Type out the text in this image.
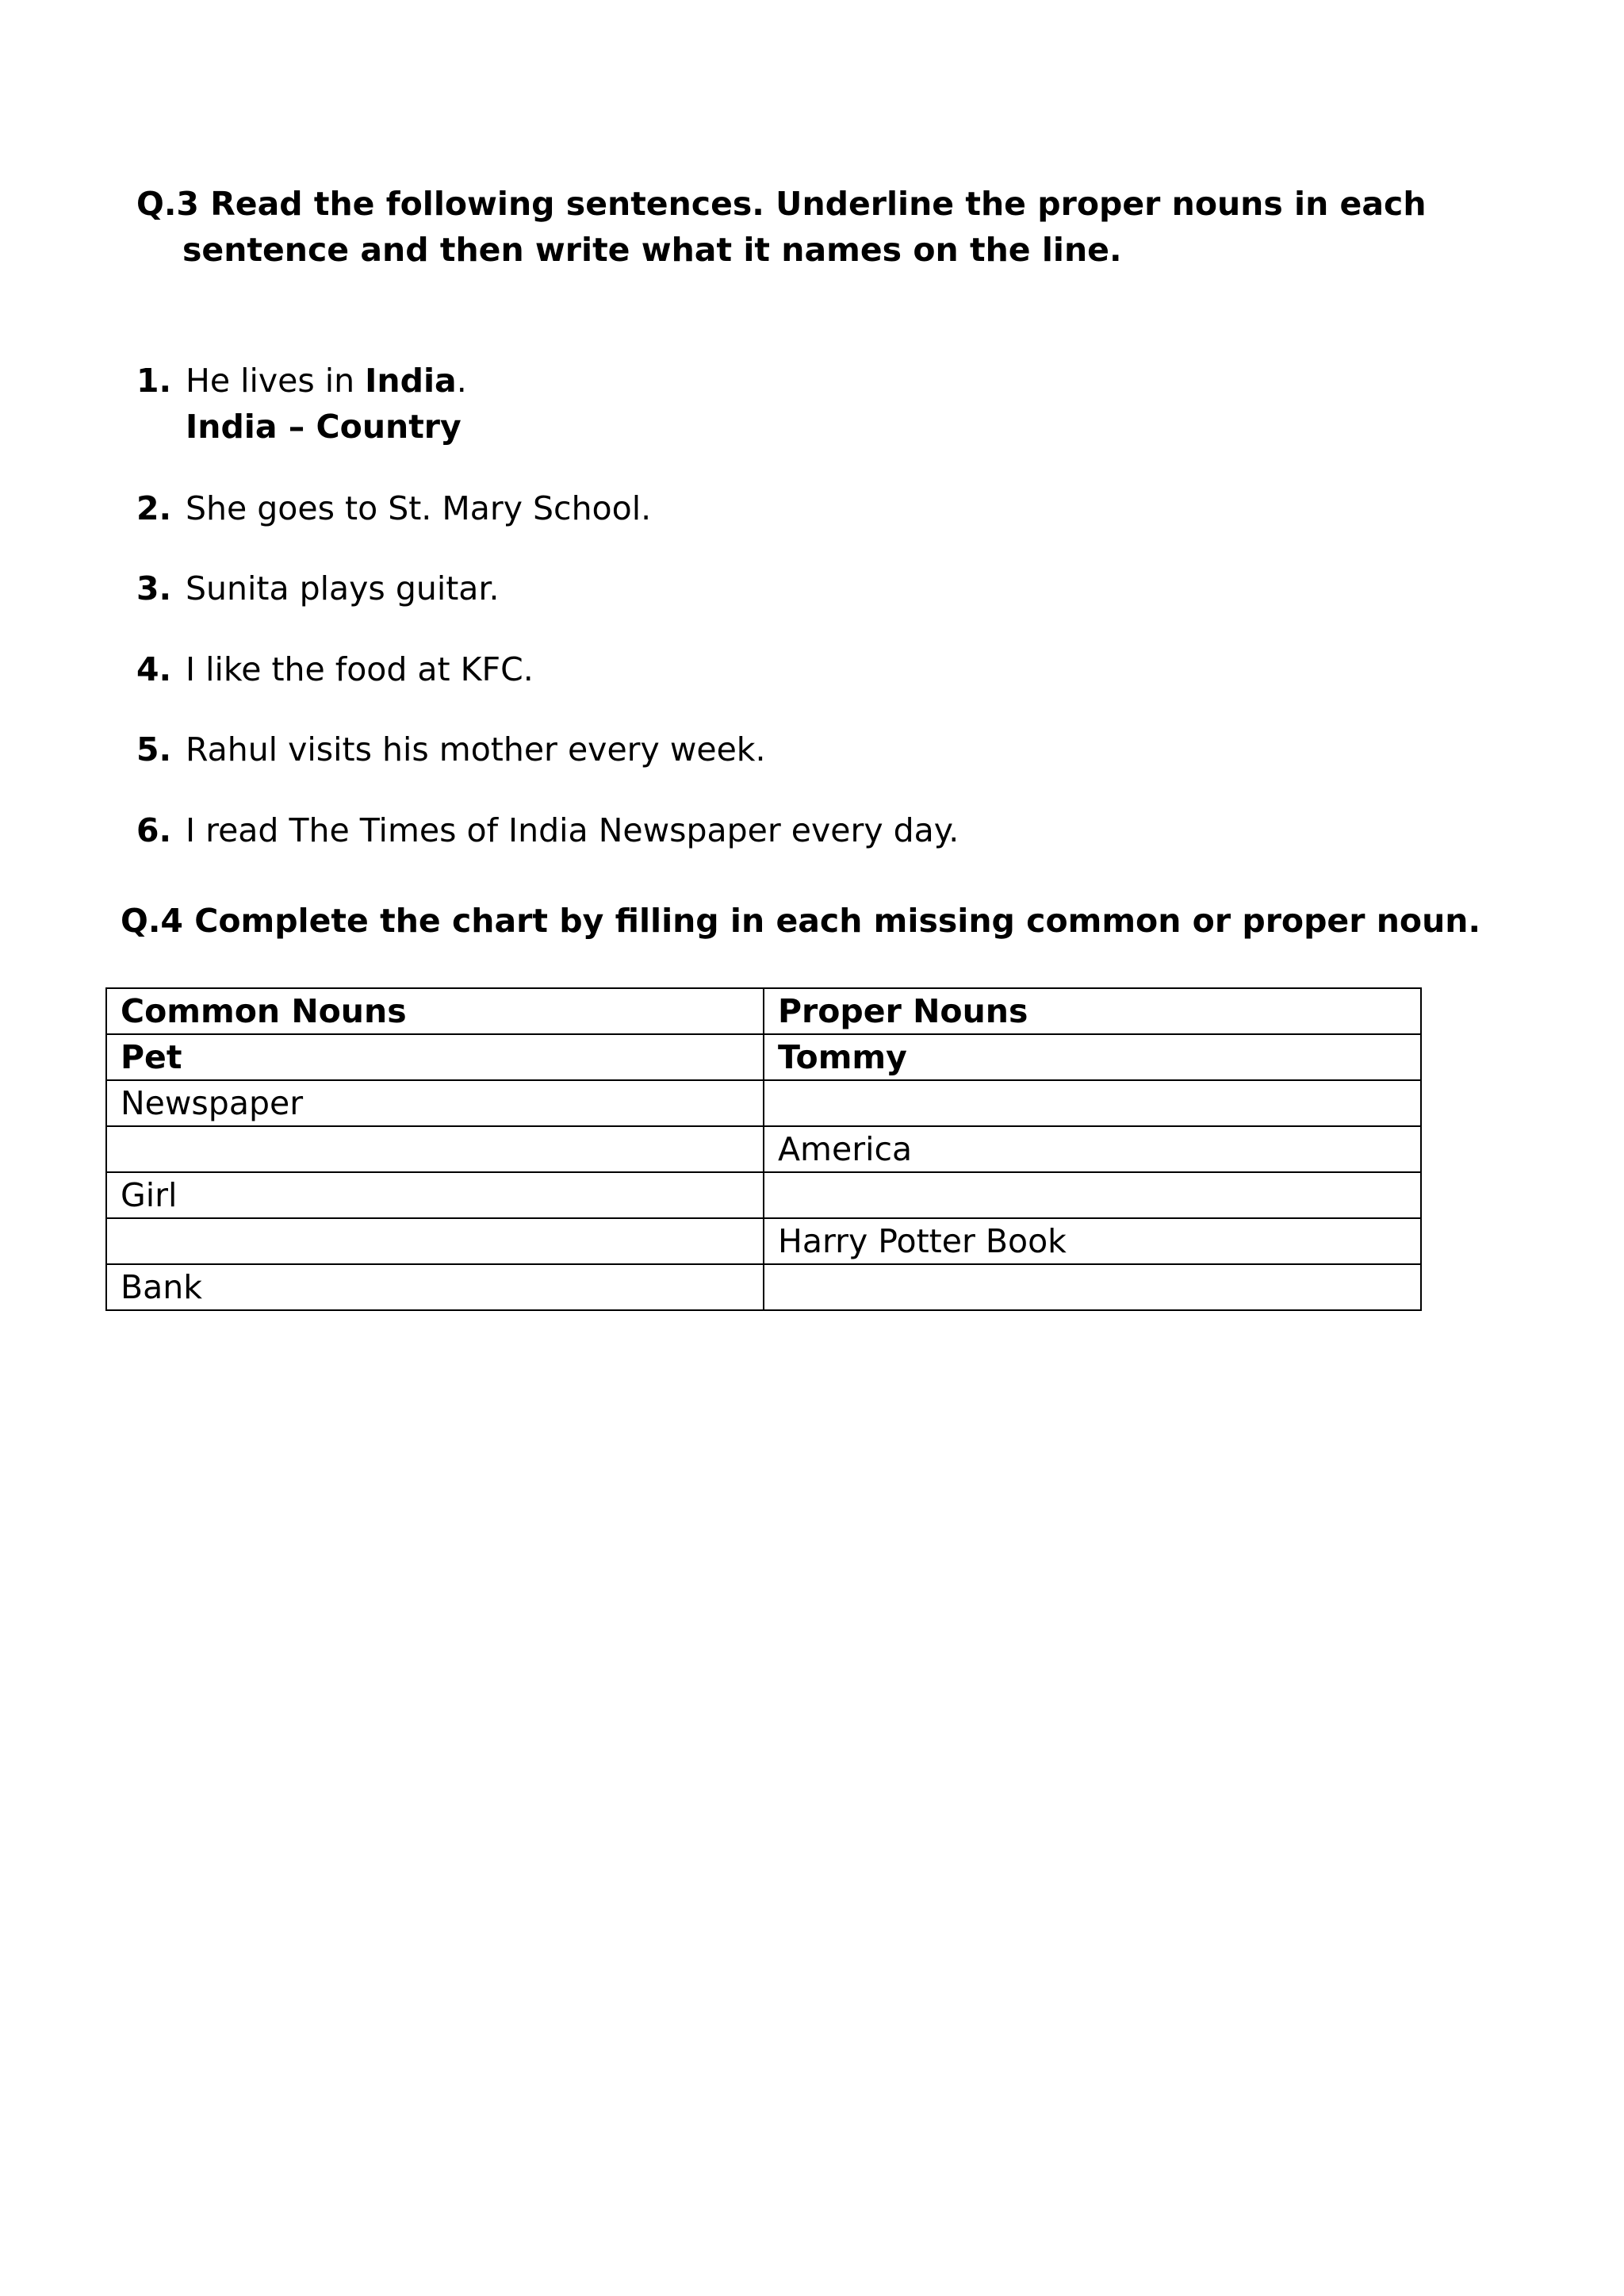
Q.3 Read the following sentences. Underline the proper nouns in each
sentence and then write what it names on the line.

1. He lives in India.
India – Country
2. She goes to St. Mary School.
3. Sunita plays guitar.
4. I like the food at KFC.
5. Rahul visits his mother every week.
6. I read The Times of India Newspaper every day.

Q.4 Complete the chart by filling in each missing common or proper noun.

Common Nouns	Proper Nouns
Pet	Tommy
Newspaper	
	America
Girl	
	Harry Potter Book
Bank	
